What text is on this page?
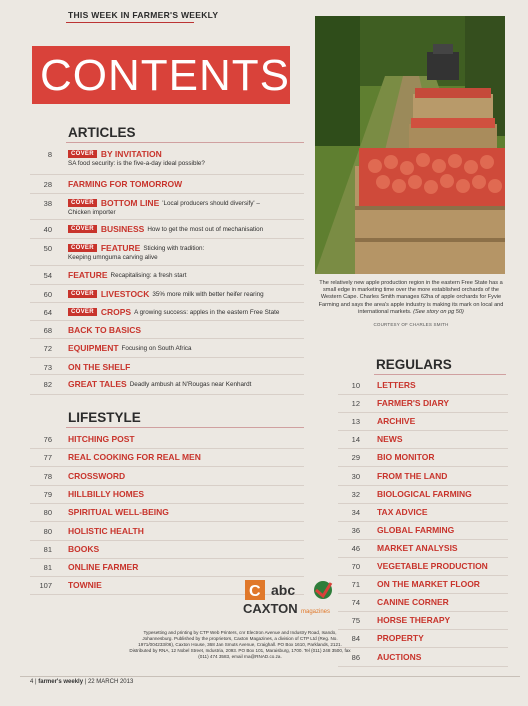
THIS WEEK IN FARMER'S WEEKLY
CONTENTS
The relatively new apple production region in the eastern Free State has a small edge in marketing time over the more established orchards of the Western Cape. Charles Smith manages 62ha of apple orchards for Fyvie Farming and says the area's apple industry is making its mark on local and international markets. (See story on pg 50)
COURTESY OF CHARLES SMITH
ARTICLES
8	COVER BY INVITATION
SA food security: is the five-a-day ideal possible?
28 FARMING FOR TOMORROW
38	COVER BOTTOM LINE 'Local producers should diversify' –
Chicken importer
40	COVER BUSINESS How to get the most out of mechanisation
50	COVER FEATURE Sticking with tradition:
Keeping umnguma carving alive
54 FEATURE Recapitalising: a fresh start
60	COVER LIVESTOCK 35% more milk with better heifer rearing
64	COVER CROPS A growing success: apples in the eastern Free State
68 BACK TO BASICS
72 EQUIPMENT Focusing on South Africa
73 ON THE SHELF
82 GREAT TALES Deadly ambush at N'Rougas near Kenhardt
LIFESTYLE
76 HITCHING POST
77 REAL COOKING FOR REAL MEN
78 CROSSWORD
79 HILLBILLY HOMES
80 SPIRITUAL WELL-BEING
80 HOLISTIC HEALTH
81 BOOKS
81 ONLINE FARMER
107 TOWNIE
REGULARS
10 LETTERS
12 FARMER'S DIARY
13 ARCHIVE
14 NEWS
29 BIO MONITOR
30 FROM THE LAND
32 BIOLOGICAL FARMING
34 TAX ADVICE
36 GLOBAL FARMING
46 MARKET ANALYSIS
70 VEGETABLE PRODUCTION
71 ON THE MARKET FLOOR
74 CANINE CORNER
75 HORSE THERAPY
84 PROPERTY
86 AUCTIONS
C abc
CAXTON magazines
Typesetting and printing by CTP Web Printers, cnr Electron Avenue and Industry Road, Isando, Johannesburg. Published by the proprietors, Caxton Magazines, a division of CTP Ltd (Reg. No. 1971/004233/06), Caxton House, 368 Jan Smuts Avenue, Craighall. PO Box 1610, Parklands, 2121. Distributed by RNA, 12 Nobel Street, Industria, 2093. PO Box 101, Maraisburg, 1700. Tel (011) 248 3500, fax (011) 474 3583, email rna@RNAD.co.za.
4 | farmer's weekly | 22 MARCH 2013
